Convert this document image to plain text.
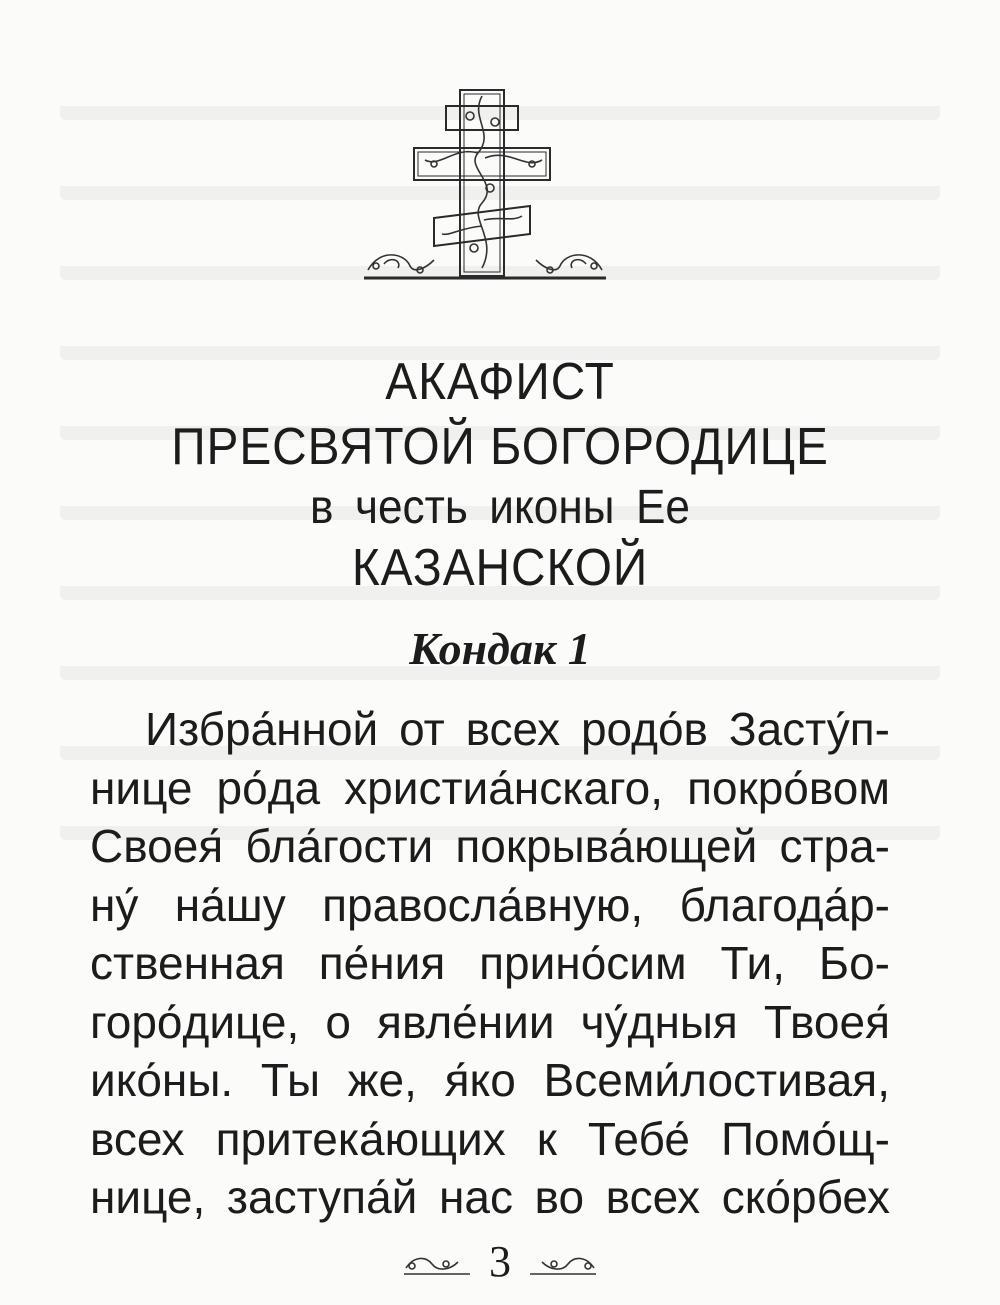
АКАФИСТ
ПРЕСВЯТОЙ БОГОРОДИЦЕ
в честь иконы Ее
КАЗАНСКОЙ
Кондак 1
Избра́нной от всех родо́в Засту́п-
нице ро́да христиа́нскаго, покро́вом
Своея́ бла́гости покрыва́ющей стра-
ну́ на́шу правосла́вную, благода́р-
ственная пе́ния прино́сим Ти, Бо-
горо́дице, о явле́нии чу́дныя Твоея́
ико́ны. Ты же, я́ко Всеми́лостивая,
всех притека́ющих к Тебе́ Помо́щ-
нице, заступа́й нас во всех ско́рбех
3
